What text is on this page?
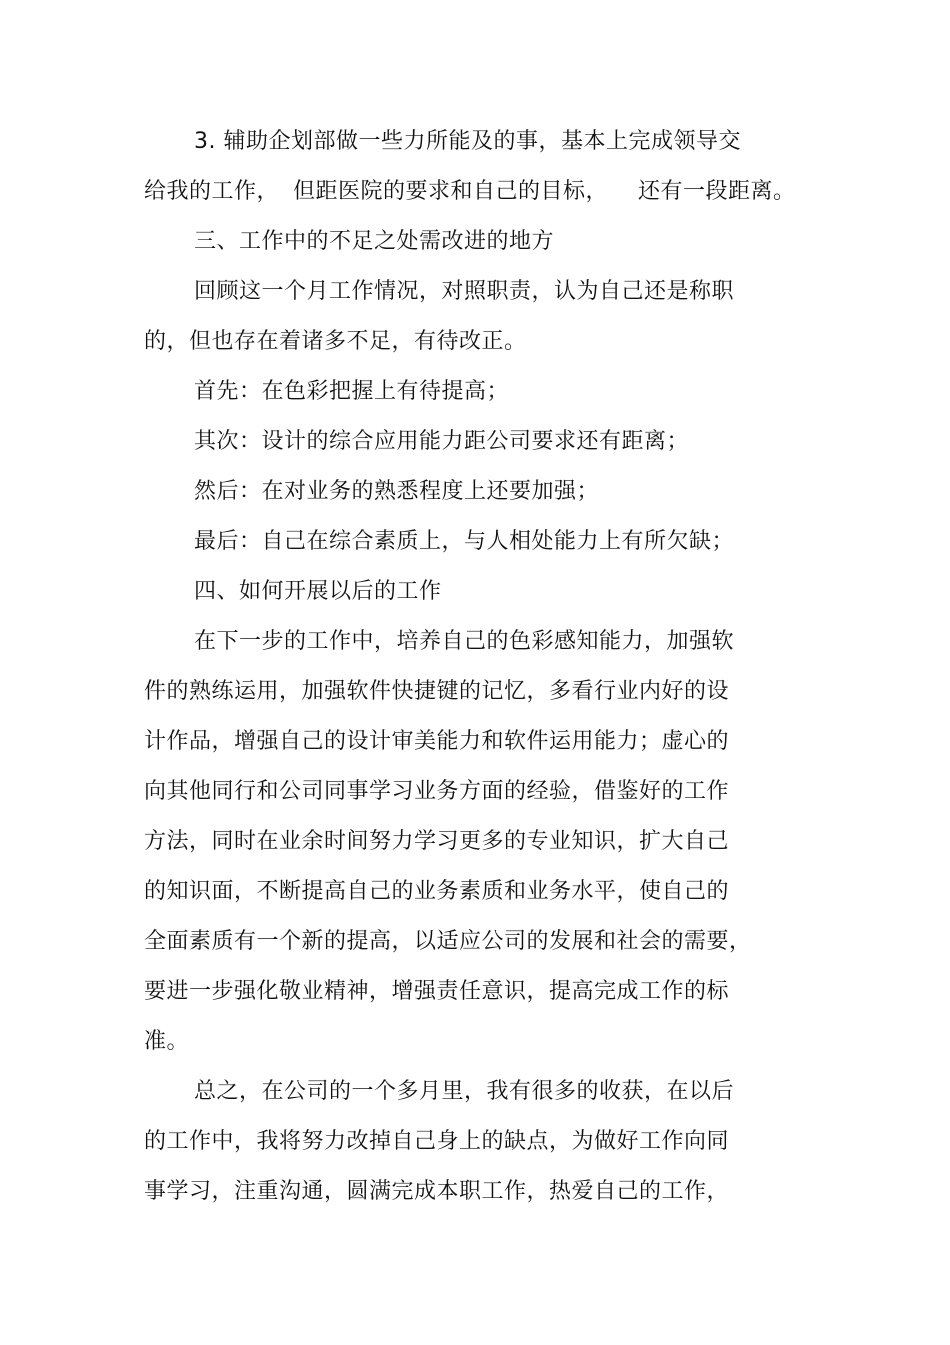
3. 辅助企划部做一些力所能及的事，基本上完成领导交
给我的工作， 但距医院的要求和自己的目标， 还有一段距离。
三、工作中的不足之处需改进的地方
回顾这一个月工作情况，对照职责，认为自己还是称职
的，但也存在着诸多不足，有待改正。
首先：在色彩把握上有待提高；
其次：设计的综合应用能力距公司要求还有距离；
然后：在对业务的熟悉程度上还要加强；
最后：自己在综合素质上，与人相处能力上有所欠缺；
四、如何开展以后的工作
在下一步的工作中，培养自己的色彩感知能力，加强软
件的熟练运用，加强软件快捷键的记忆，多看行业内好的设
计作品，增强自己的设计审美能力和软件运用能力；虚心的
向其他同行和公司同事学习业务方面的经验，借鉴好的工作
方法，同时在业余时间努力学习更多的专业知识，扩大自己
的知识面，不断提高自己的业务素质和业务水平，使自己的
全面素质有一个新的提高，以适应公司的发展和社会的需要，
要进一步强化敬业精神，增强责任意识，提高完成工作的标
准。
总之，在公司的一个多月里，我有很多的收获，在以后
的工作中，我将努力改掉自己身上的缺点，为做好工作向同
事学习，注重沟通，圆满完成本职工作，热爱自己的工作，
